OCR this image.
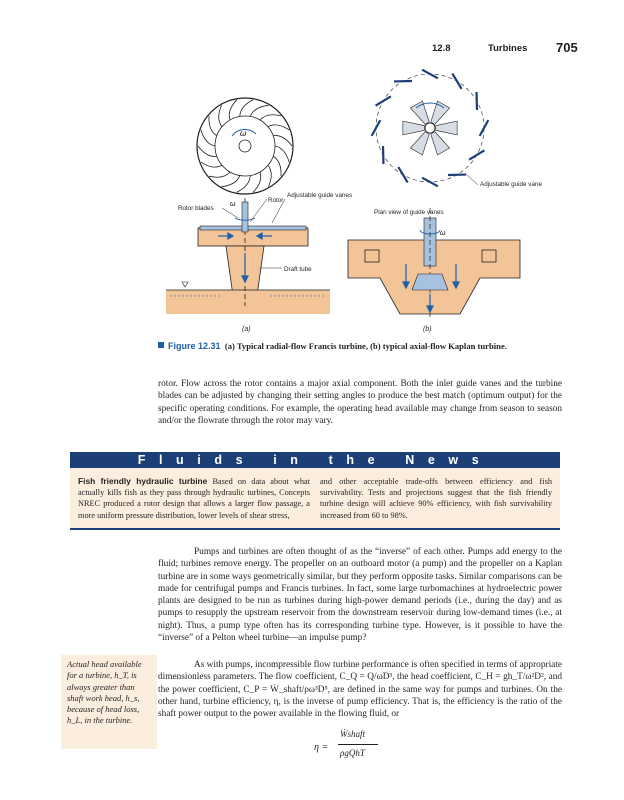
12.8	Turbines 705
ω
ω
Rotor blades
Rotor
Adjustable guide vanes
Draft tube
(a)
ω
Plan view of guide vanes
Adjustable guide vane
(b)
Figure 12.31 (a) Typical radial-flow Francis turbine, (b) typical axial-flow Kaplan turbine.
rotor. Flow across the rotor contains a major axial component. Both the inlet guide vanes and the turbine blades can be adjusted by changing their setting angles to produce the best match (optimum output) for the specific operating conditions. For example, the operating head available may change from season to season and/or the flowrate through the rotor may vary.
Fluids in the News
Fish friendly hydraulic turbine Based on data about what actually kills fish as they pass through hydraulic turbines, Concepts NREC produced a rotor design that allows a larger flow passage, a more uniform pressure distribution, lower levels of shear stress,
and other acceptable trade-offs between efficiency and fish survivability. Tests and projections suggest that the fish friendly turbine design will achieve 90% efficiency, with fish survivability increased from 60 to 98%.
Pumps and turbines are often thought of as the “inverse” of each other. Pumps add energy to the fluid; turbines remove energy. The propeller on an outboard motor (a pump) and the propeller on a Kaplan turbine are in some ways geometrically similar, but they perform opposite tasks. Similar comparisons can be made for centrifugal pumps and Francis turbines. In fact, some large turbomachines at hydroelectric power plants are designed to be run as turbines during high-power demand periods (i.e., during the day) and as pumps to resupply the upstream reservoir from the downstream reservoir during low-demand times (i.e., at night). Thus, a pump type often has its corresponding turbine type. However, is it possible to have the “inverse” of a Pelton wheel turbine—an impulse pump?
Actual head available for a turbine, h_T, is always greater than shaft work head, h_s, because of head loss, h_L, in the turbine.
As with pumps, incompressible flow turbine performance is often specified in terms of appropriate dimensionless parameters. The flow coefficient, C_Q = Q/ωD³, the head coefficient, C_H = gh_T/ω²D², and the power coefficient, C_P = Ẇ_shaft/ρω³D⁵, are defined in the same way for pumps and turbines. On the other hand, turbine efficiency, η, is the inverse of pump efficiency. That is, the efficiency is the ratio of the shaft power output to the power available in the flowing fluid, or
η =
Ẇshaft
ρgQhT
